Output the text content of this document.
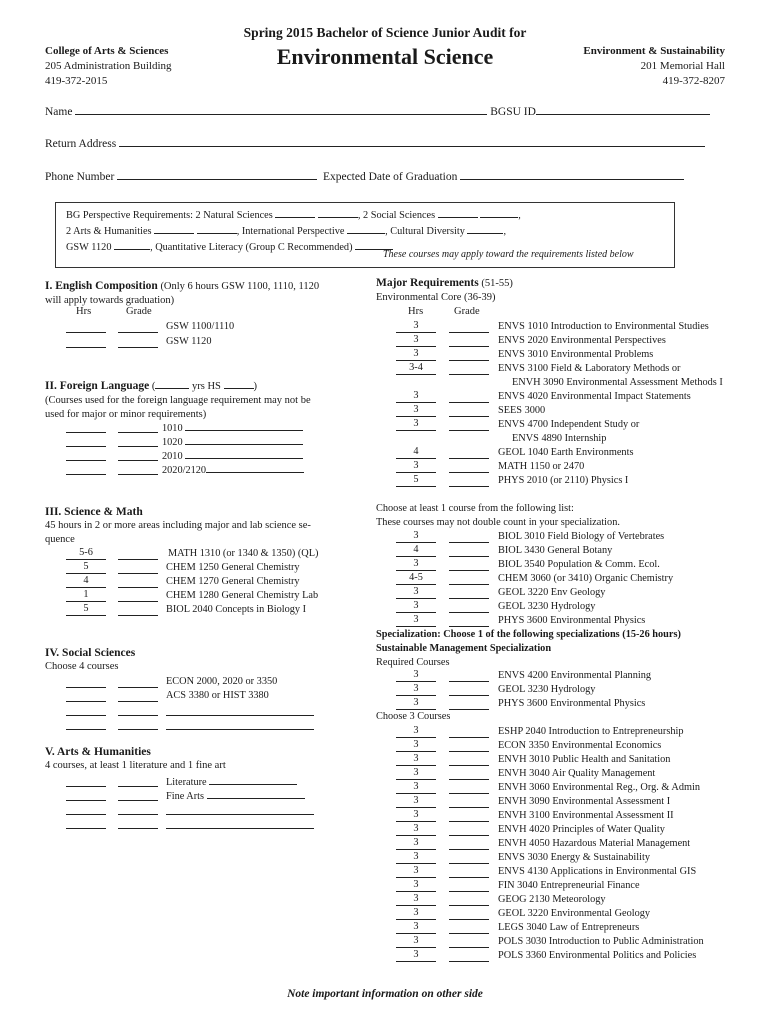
Spring 2015 Bachelor of Science Junior Audit for
Environmental Science
College of Arts & Sciences
205 Administration Building
419-372-2015
Environment & Sustainability
201 Memorial Hall
419-372-8207
Name	BGSU ID
Return Address
Phone Number	Expected Date of Graduation
BG Perspective Requirements: 2 Natural Sciences	, 2 Social Sciences	,
2 Arts & Humanities	, International Perspective	, Cultural Diversity	,
GSW 1120	, Quantitative Literacy (Group C Recommended)
These courses may apply toward the requirements listed below
I. English Composition (Only 6 hours GSW 1100, 1110, 1120
will apply towards graduation)
Hrs	Grade
GSW 1100/1110
GSW 1120
II. Foreign Language (	yrs HS	)
(Courses used for the foreign language requirement may not be
used for major or minor requirements)
1010
1020
2010
2020/2120
III. Science & Math
45 hours in 2 or more areas including major and lab science se-
quence
5-6	MATH 1310 (or 1340 & 1350) (QL)
5	CHEM 1250 General Chemistry
4	CHEM 1270 General Chemistry
1	CHEM 1280 General Chemistry Lab
5	BIOL 2040 Concepts in Biology I
IV. Social Sciences
Choose 4 courses
ECON 2000, 2020 or 3350
ACS 3380 or HIST 3380
V. Arts & Humanities
4 courses, at least 1 literature and 1 fine art
Literature
Fine Arts
Major Requirements (51-55)
Environmental Core (36-39)
Hrs	Grade
3	ENVS 1010 Introduction to Environmental Studies
3	ENVS 2020 Environmental Perspectives
3	ENVS 3010 Environmental Problems
3-4	ENVS 3100 Field & Laboratory Methods or
ENVH 3090 Environmental Assessment Methods I
3	ENVS 4020 Environmental Impact Statements
3	SEES 3000
3	ENVS 4700 Independent Study or
ENVS 4890 Internship
4	GEOL 1040 Earth Environments
3	MATH 1150 or 2470
5	PHYS 2010 (or 2110) Physics I
Choose at least 1 course from the following list:
These courses may not double count in your specialization.
3	BIOL 3010 Field Biology of Vertebrates
4	BIOL 3430 General Botany
3	BIOL 3540 Population & Comm. Ecol.
4-5	CHEM 3060 (or 3410) Organic Chemistry
3	GEOL 3220 Env Geology
3	GEOL 3230 Hydrology
3	PHYS 3600 Environmental Physics
Specialization: Choose 1 of the following specializations (15-26 hours)
Sustainable Management Specialization
Required Courses
3	ENVS 4200 Environmental Planning
3	GEOL 3230 Hydrology
3	PHYS 3600 Environmental Physics
Choose 3 Courses
3	ESHP 2040 Introduction to Entrepreneurship
3	ECON 3350 Environmental Economics
3	ENVH 3010 Public Health and Sanitation
3	ENVH 3040 Air Quality Management
3	ENVH 3060 Environmental Reg., Org. & Admin
3	ENVH 3090 Environmental Assessment I
3	ENVH 3100 Environmental Assessment II
3	ENVH 4020 Principles of Water Quality
3	ENVH 4050 Hazardous Material Management
3	ENVS 3030 Energy & Sustainability
3	ENVS 4130 Applications in Environmental GIS
3	FIN 3040 Entrepreneurial Finance
3	GEOG 2130 Meteorology
3	GEOL 3220 Environmental Geology
3	LEGS 3040 Law of Entrepreneurs
3	POLS 3030 Introduction to Public Administration
3	POLS 3360 Environmental Politics and Policies
Note important information on other side
